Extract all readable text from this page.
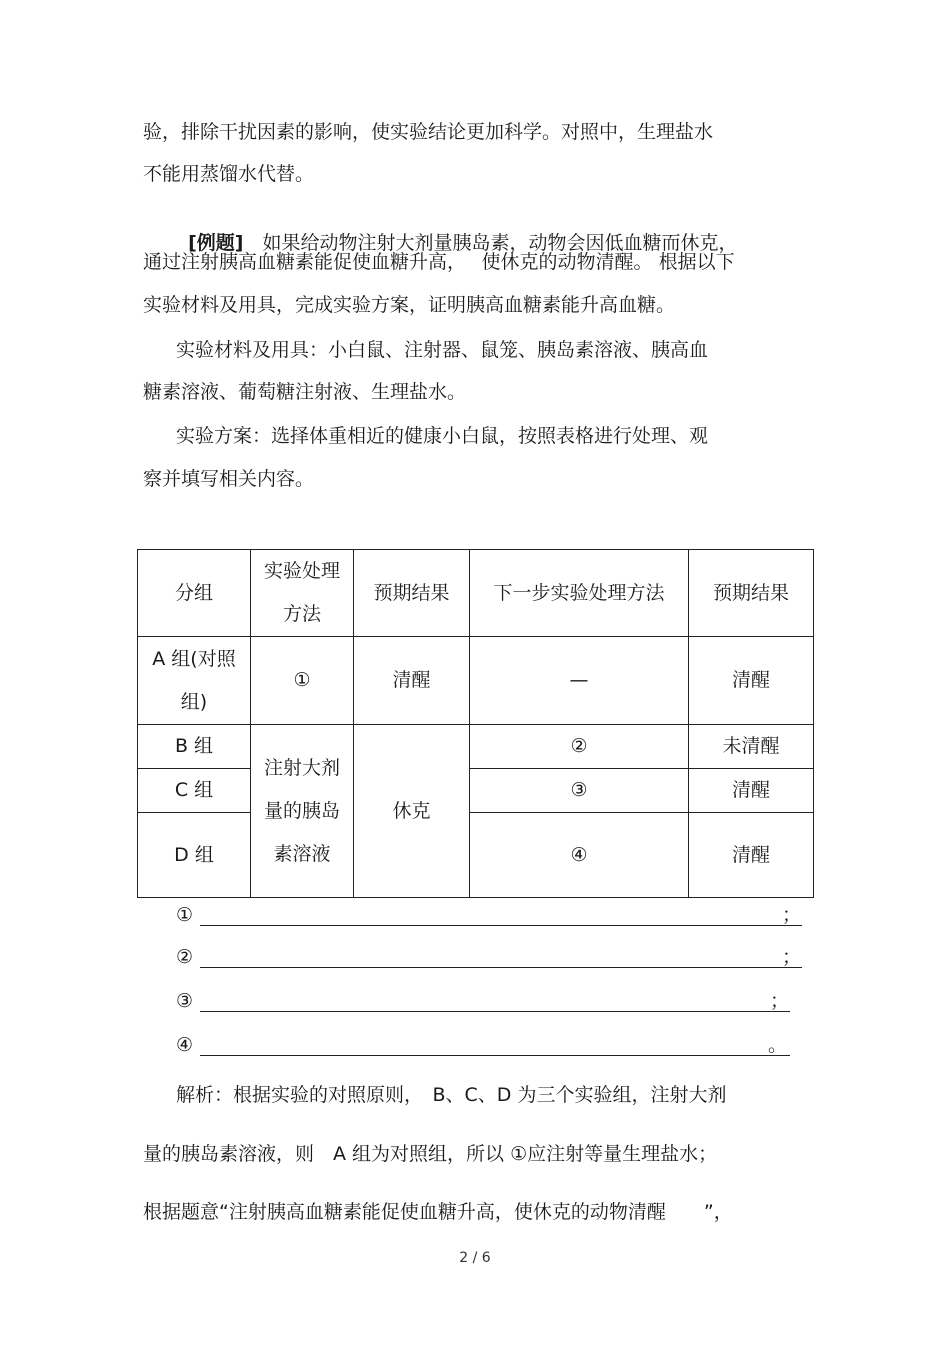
验，排除干扰因素的影响，使实验结论更加科学。对照中，生理盐水
不能用蒸馏水代替。

[例题]　 如果给动物注射大剂量胰岛素，动物会因低血糖而休克，

通过注射胰高血糖素能促使血糖升高，　 使休克的动物清醒。 根据以下
实验材料及用具，完成实验方案，证明胰高血糖素能升高血糖。
实验材料及用具：小白鼠、注射器、鼠笼、胰岛素溶液、胰高血
糖素溶液、葡萄糖注射液、生理盐水。
实验方案：选择体重相近的健康小白鼠，按照表格进行处理、观
察并填写相关内容。
分组	实验处理方法	预期结果	下一步实验处理方法	预期结果
A 组(对照组)	①	清醒	—	清醒
B 组	注射大剂量的胰岛素溶液	休克	②	未清醒
C 组			③	清醒
D 组			④	清醒
①	；
②	；
③	；
④	。
解析：根据实验的对照原则，　B、C、D 为三个实验组，注射大剂
量的胰岛素溶液，则　A 组为对照组，所以 ①应注射等量生理盐水；
根据题意“注射胰高血糖素能促使血糖升高，使休克的动物清醒　　”，
2 / 6
